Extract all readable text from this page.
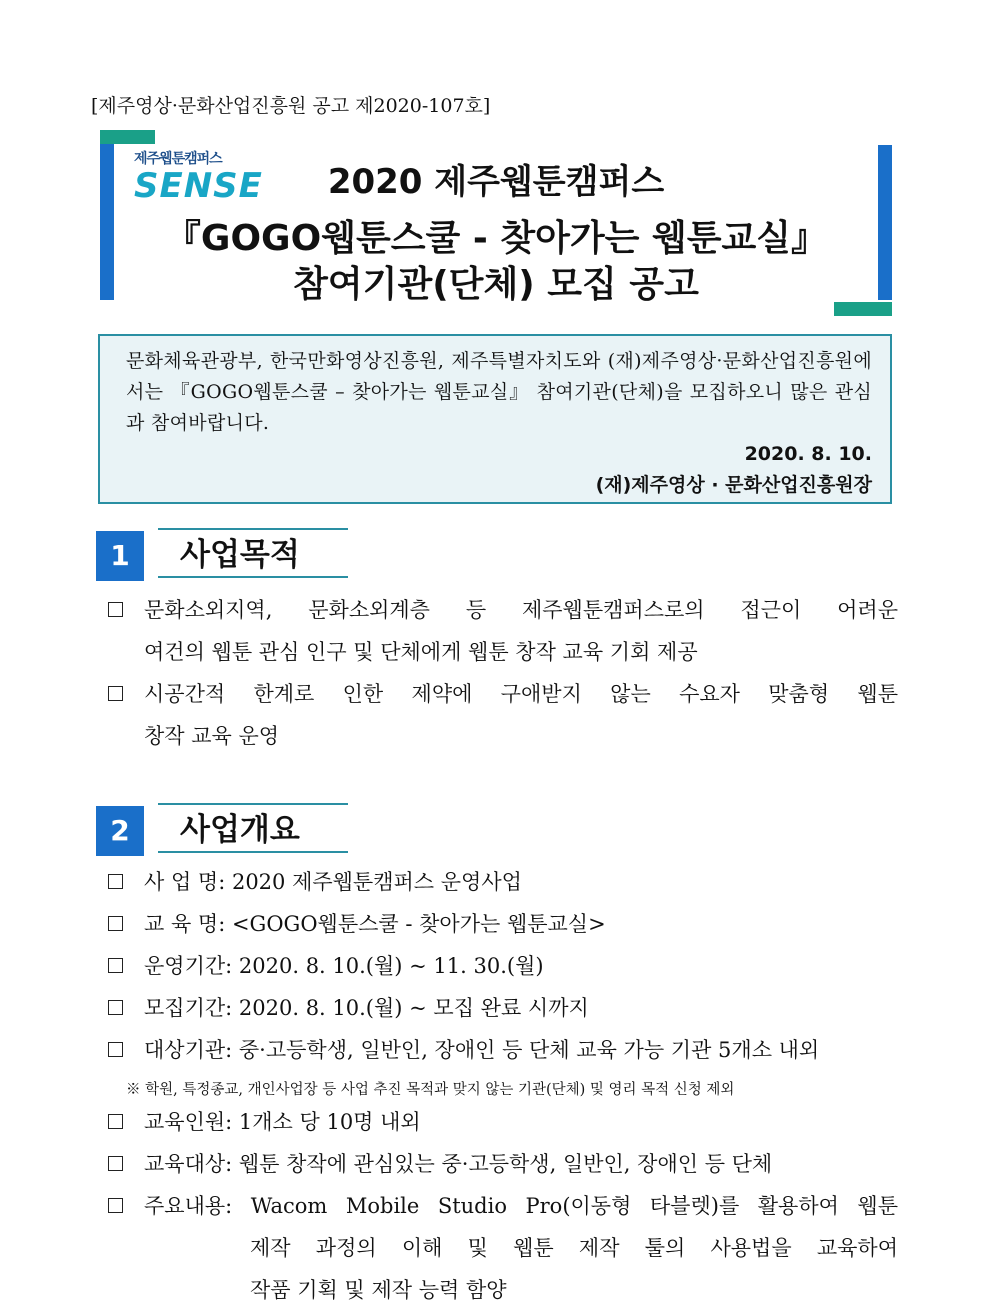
[제주영상·문화산업진흥원 공고 제2020-107호]
제주웹툰캠퍼스
SENSE	2020 제주웹툰캠퍼스
『GOGO웹툰스쿨 - 찾아가는 웹툰교실』
참여기관(단체) 모집 공고
문화체육관광부, 한국만화영상진흥원, 제주특별자치도와 (재)제주영상·문화산업진흥원에서는 『GOGO웹툰스쿨 – 찾아가는 웹툰교실』 참여기관(단체)을 모집하오니 많은 관심과 참여바랍니다.
2020. 8. 10.
(재)제주영상 · 문화산업진흥원장
1	사업목적
문화소외지역, 문화소외계층 등 제주웹툰캠퍼스로의 접근이 어려운
여건의 웹툰 관심 인구 및 단체에게 웹툰 창작 교육 기회 제공
시공간적 한계로 인한 제약에 구애받지 않는 수요자 맞춤형 웹툰
창작 교육 운영
2	사업개요
사 업 명: 2020 제주웹툰캠퍼스 운영사업
교 육 명: <GOGO웹툰스쿨 - 찾아가는 웹툰교실>
운영기간: 2020. 8. 10.(월) ~ 11. 30.(월)
모집기간: 2020. 8. 10.(월) ~ 모집 완료 시까지
대상기관: 중·고등학생, 일반인, 장애인 등 단체 교육 가능 기관 5개소 내외
※ 학원, 특정종교, 개인사업장 등 사업 추진 목적과 맞지 않는 기관(단체) 및 영리 목적 신청 제외
교육인원: 1개소 당 10명 내외
교육대상: 웹툰 창작에 관심있는 중·고등학생, 일반인, 장애인 등 단체
주요내용: Wacom Mobile Studio Pro(이동형 타블렛)를 활용하여 웹툰
제작 과정의 이해 및 웹툰 제작 툴의 사용법을 교육하여
작품 기획 및 제작 능력 함양
